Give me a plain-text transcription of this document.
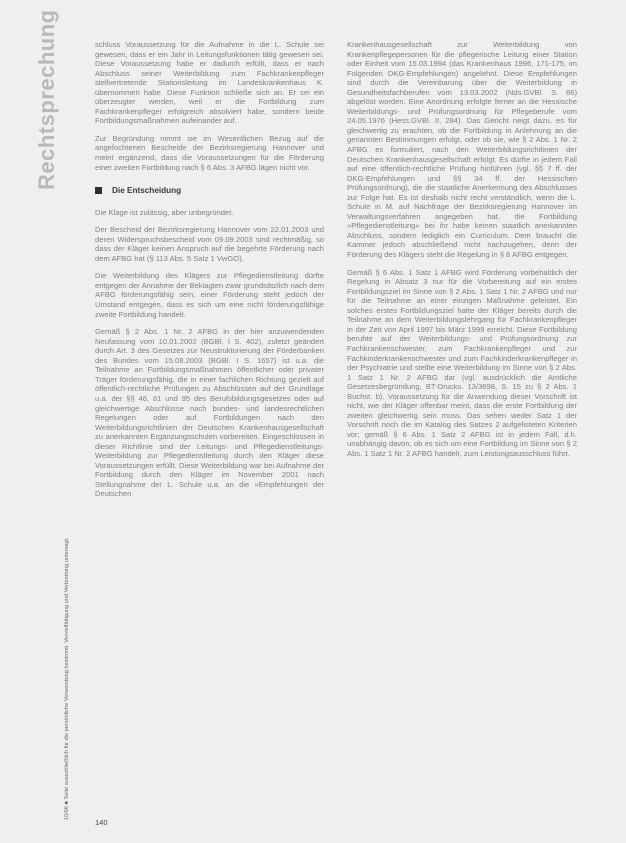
Rechtsprechung
10/06 ■ Seite ausschließlich für die persönliche Verwendung bestimmt. Vervielfältigung und Verbreitung untersagt.

schluss Voraussetzung für die Aufnahme in die L. Schule sei gewesen, dass er ein Jahr in Leitungsfunktionen tätig gewesen sei. Diese Voraussetzung habe er dadurch erfüllt, dass er nach Abschluss seiner Weiterbildung zum Fachkrankenpfleger stellvertretende Stationsleitung im Landeskrankenhaus K. übernommen habe. Diese Funktion schließe sich an. Er sei ein überzeugter werden, weil er die Fortbildung zum Fachkrankenpfleger erfolgreich absolviert habe, sondern beide Fortbildungsmaßnahmen aufeinander auf.

Zur Begründung nimmt sie im Wesentlichen Bezug auf die angefochtenen Bescheide der Bezirksregierung Hannover und meint ergänzend, dass die Voraussetzungen für die Förderung einer zweiten Fortbildung nach § 6 Abs. 3 AFBG lägen nicht vor.

Die Entscheidung

Die Klage ist zulässig, aber unbegründet.

Der Bescheid der Bezirksregierung Hannover vom 22.01.2003 und deren Widerspruchsbescheid vom 09.09.2003 sind rechtmäßig, so dass der Kläger keinen Anspruch auf die begehrte Förderung nach dem AFBG hat (§ 113 Abs. 5 Satz 1 VwGO).

Die Weiterbildung des Klägers zur Pflegedienstleitung dürfte entgegen der Annahme der Beklagten zwar grundsätzlich nach dem AFBG förderungsfähig sein, einer Förderung steht jedoch der Umstand entgegen, dass es sich um eine nicht förderungsfähige zweite Fortbildung handelt.

Gemäß § 2 Abs. 1 Nr. 2 AFBG in der hier anzuwendenden Neufassung vom 10.01.2002 (BGBl. I S. 402), zuletzt geändert durch Art. 3 des Gesetzes zur Neustrukturierung der Förderbanken des Bundes vom 15.08.2003 (BGBl. I S. 1657) ist u.a. die Teilnahme an Fortbildungsmaßnahmen öffentlicher oder privater Träger förderungsfähig, die in einer fachlichen Richtung gezielt auf öffentlich-rechtliche Prüfungen zu Abschlüssen auf der Grundlage u.a. der §§ 46, 81 und 95 des Berufsbildungsgesetzes oder auf gleichwertige Abschlüsse nach bundes- und landesrechtlichen Regelungen oder auf Fortbildungen nach den Weiterbildungsrichtlinien der Deutschen Krankenhausgesellschaft zu anerkannten Ergänzungsschulen vorbereiten. Eingeschlossen in dieser Richtlinie sind der Leitungs- und Pflegedienstleitungs-Weiterbildung zur Pflegedienstleitung durch den Kläger diese Voraussetzungen erfüllt. Diese Weiterbildung war bei Aufnahme der Fortbildung durch den Kläger im November 2001 nach Stellungnahme der L. Schule u.a. an die »Empfehlungen der Deutschen

Krankenhausgesellschaft zur Weiterbildung von Krankenpflegepersonen für die pflegerische Leitung einer Station oder Einheit vom 15.03.1994 (das Krankenhaus 1996, 171-175, im Folgenden DKG-Empfehlungen) angelehnt. Diese Empfehlungen sind durch die Vereinbarung über die Weiterbildung in Gesundheitsfachberufen vom 13.03.2002 (Nds.GVBl. S. 86) abgelöst worden. Eine Anordnung erfolgte ferner an die Hessische Weiterbildungs- und Prüfungsordnung für Pflegeberufe vom 24.05.1976 (Hess.GVBl. II, 284). Das Gericht neigt dazu, es für gleichwertig zu erachten, ob die Fortbildung in Anlehnung an die genannten Bestimmungen erfolgt, oder ob sie, wie § 2 Abs. 1 Nr. 2 AFBG es formuliert, nach den Weiterbildungsrichtlinien der Deutschen Krankenhausgesellschaft erfolgt. Es dürfte in jedem Fall auf eine öffentlich-rechtliche Prüfung hinführen (vgl. §§ 7 ff. der DKG-Empfehlungen und §§ 34 ff. der Hessischen Prüfungsordnung), die die staatliche Anerkennung des Abschlusses zur Folge hat. Es ist deshalb nicht recht verständlich, wenn die L. Schule in M. auf Nachfrage der Bezirksregierung Hannover im Verwaltungsverfahren angegeben hat, die Fortbildung »Pflegedienstleitung« bei ihr habe keinen staatlich anerkannten Abschluss, sondern lediglich ein Curriculum. Dem braucht die Kammer jedoch abschließend nicht nachzugehen, denn der Förderung des Klägers steht die Regelung in § 6 AFBG entgegen.

Gemäß § 6 Abs. 1 Satz 1 AFBG wird Förderung vorbehaltlich der Regelung in Absatz 3 nur für die Vorbereitung auf ein erstes Fortbildungsziel im Sinne von § 2 Abs. 1 Satz 1 Nr. 2 AFBG und nur für die Teilnahme an einer einzigen Maßnahme geleistet. Ein solches erstes Fortbildungsziel hatte der Kläger bereits durch die Teilnahme an dem Weiterbildungslehrgang für Fachkrankenpfleger in der Zeit von April 1997 bis März 1999 erreicht. Diese Fortbildung beruhte auf der Weiterbildungs- und Prüfungsordnung zur Fachkrankenschwester, zum Fachkrankenpfleger und zur Fachkinderkrankenschwester und zum Fachkinderkrankenpfleger in der Psychiatrie und stellte eine Weiterbildung im Sinne von § 2 Abs. 1 Satz 1 Nr. 2 AFBG dar (vgl. ausdrücklich die Amtliche Gesetzesbegründung, BT-Drucks. 13/3698, S. 15 zu § 2 Abs. 1 Buchst. b). Voraussetzung für die Anwendung dieser Vorschrift ist nicht, wie der Kläger offenbar meint, dass die erste Fortbildung der zweiten gleichwertig sein muss. Das sehen weder Satz 1 der Vorschrift noch die im Katalog des Satzes 2 aufgelisteten Kriterien vor; gemäß § 6 Abs. 1 Satz 2 AFBG ist in jedem Fall, d.h. unabhängig davon, ob es sich um eine Fortbildung im Sinne von § 2 Abs. 1 Satz 1 Nr. 2 AFBG handelt, zum Leistungsausschluss führt.

140
